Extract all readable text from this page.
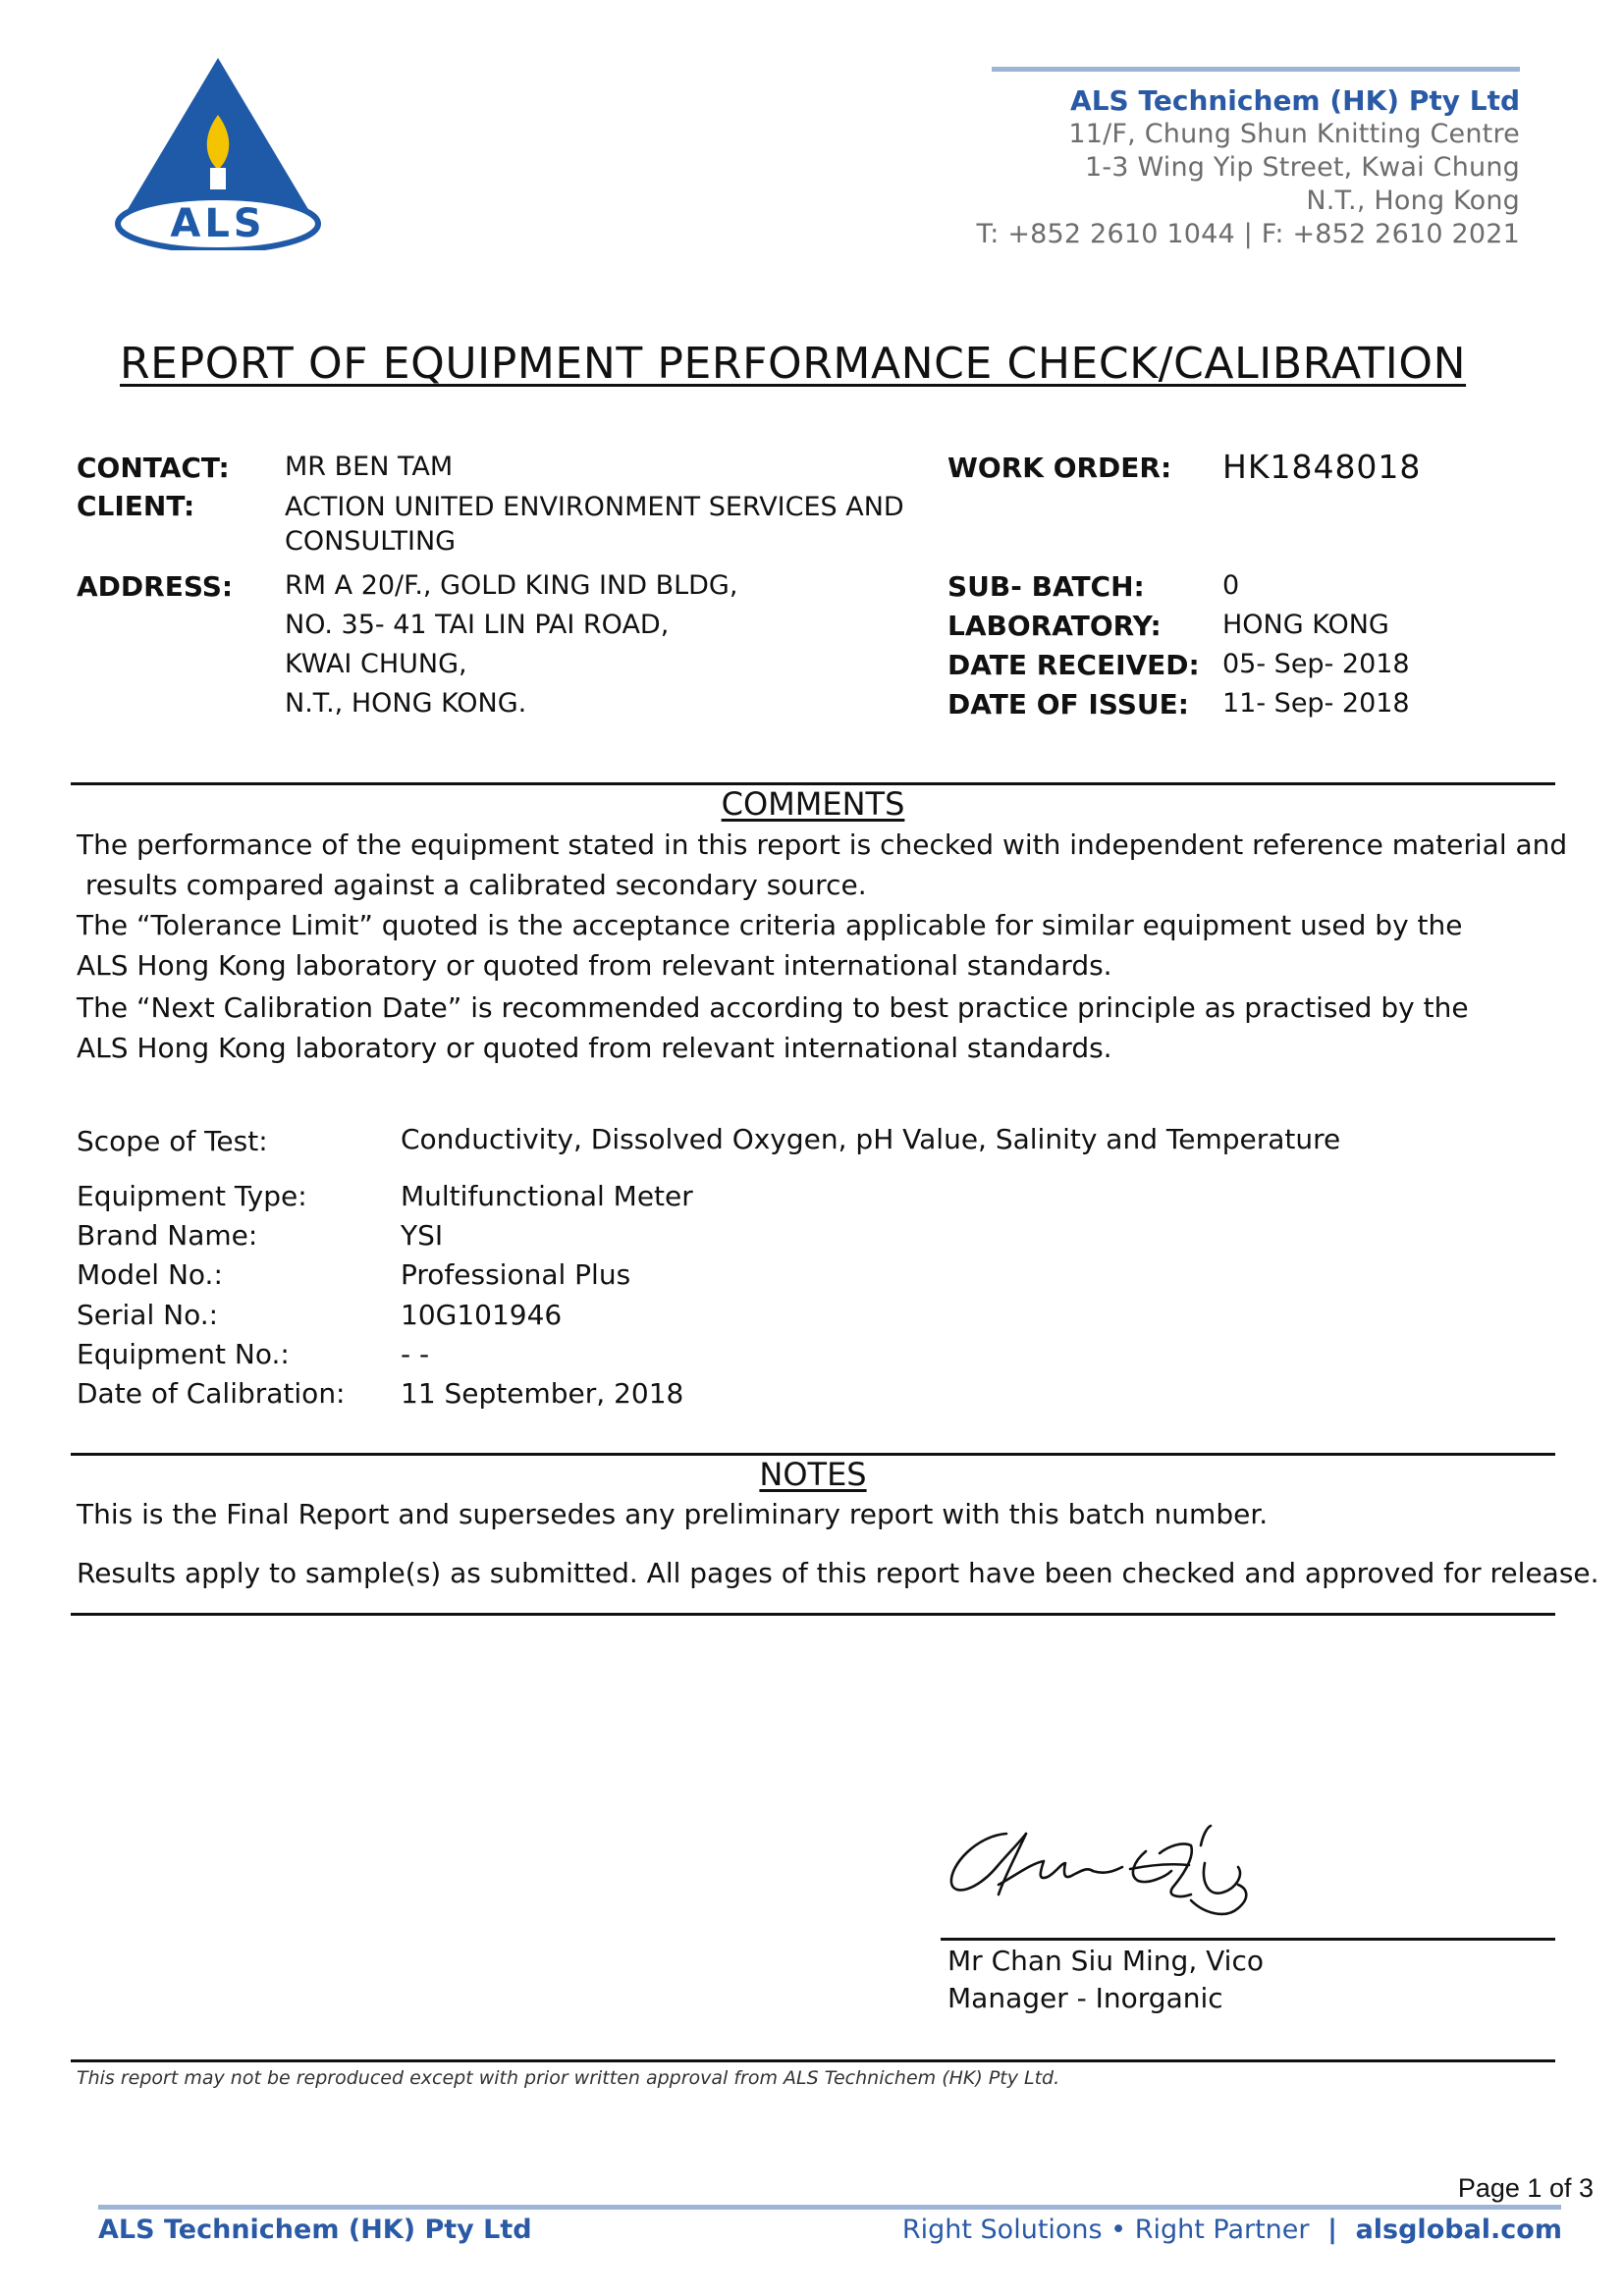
ALS
ALS Technichem (HK) Pty Ltd
11/F, Chung Shun Knitting Centre
1-3 Wing Yip Street, Kwai Chung
N.T., Hong Kong
T: +852 2610 1044 | F: +852 2610 2021
REPORT OF EQUIPMENT PERFORMANCE CHECK/CALIBRATION
CONTACT: MR BEN TAM
CLIENT:	ACTION UNITED ENVIRONMENT SERVICES AND
CONSULTING
ADDRESS: RM A 20/F., GOLD KING IND BLDG,
NO. 35- 41 TAI LIN PAI ROAD,
KWAI CHUNG,
N.T., HONG KONG.
WORK ORDER: HK1848018
SUB- BATCH:	0
LABORATORY: HONG KONG
DATE RECEIVED: 05- Sep- 2018
DATE OF ISSUE: 11- Sep- 2018
COMMENTS
The performance of the equipment stated in this report is checked with independent reference material and
results compared against a calibrated secondary source.
The “Tolerance Limit” quoted is the acceptance criteria applicable for similar equipment used by the
ALS Hong Kong laboratory or quoted from relevant international standards.
The “Next Calibration Date” is recommended according to best practice principle as practised by the
ALS Hong Kong laboratory or quoted from relevant international standards.
Scope of Test:	Conductivity, Dissolved Oxygen, pH Value, Salinity and Temperature
Equipment Type:	Multifunctional Meter
Brand Name:	YSI
Model No.:	Professional Plus
Serial No.:	10G101946
Equipment No.:	- -
Date of Calibration: 11 September, 2018
NOTES
This is the Final Report and supersedes any preliminary report with this batch number.
Results apply to sample(s) as submitted. All pages of this report have been checked and approved for release.
Mr Chan Siu Ming, Vico
Manager - Inorganic
This report may not be reproduced except with prior written approval from ALS Technichem (HK) Pty Ltd.
Page 1 of 3
ALS Technichem (HK) Pty Ltd	Right Solutions • Right Partner | alsglobal.com
